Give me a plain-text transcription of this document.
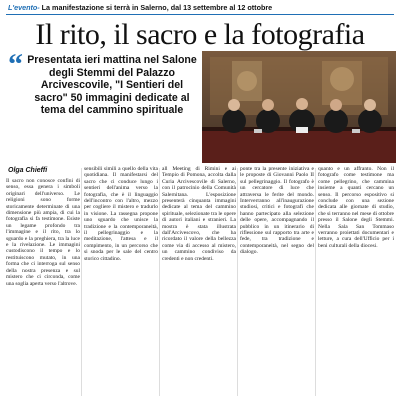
L'evento- La manifestazione si terrà in Salerno, dal 13 settembre al 12 ottobre
Il rito, il sacro e la fotografia
“ Presentata ieri mattina nel Salone degli Stemmi del Palazzo Arcivescovile, "I Sentieri del sacro" 50 immagini dedicate al tema del cammino spirituale
Olga Chieffi
Il sacro non conosce confini di senso, essa genera i simboli originari dell'universo. Le religioni sono forme storicamente determinate di una dimensione più ampia, di cui la fotografia si fa testimone. Esiste un legame profondo tra l'immagine e il rito, tra lo sguardo e la preghiera, tra la luce e la rivelazione. Le immagini custodiscono il tempo e lo restituiscono mutato, in una forma che ci interroga sul senso della nostra presenza e sul mistero che ci circonda, come una soglia aperta verso l'altrove.
sensibili simili a quello della vita quotidiana. Il manifestarsi del sacro che ci conduce lungo i sentieri dell'anima verso la fotografia, che è il linguaggio dell'incontro con l'altro, mezzo per cogliere il mistero e tradurlo in visione. La rassegna propone uno sguardo che unisce la tradizione e la contemporaneità, il pellegrinaggio e la meditazione, l'attesa e il compimento, in un percorso che si snoda per le sale del centro storico cittadino.
all Meeting di Rimini e ai Tempio di Pomona, accolta dalla Curia Arcivescovile di Salerno, con il patrocinio della Comunità Salernitana. L'esposizione presenterà cinquanta immagini dedicate al tema del cammino spirituale, selezionate tra le opere di autori italiani e stranieri. La mostra è stata illustrata dall'Arcivescovo, che ha ricordato il valore della bellezza come via di accesso al mistero, un cammino condiviso da credenti e non credenti.
ponte tra la presente iniziativa e le proposte di Giovanni Paolo II sul pellegrinaggio. Il fotografo è un cercatore di luce che attraversa le ferite del mondo. Interverranno all'inaugurazione studiosi, critici e fotografi che hanno partecipato alla selezione delle opere, accompagnando il pubblico in un itinerario di riflessione sul rapporto tra arte e fede, tra tradizione e contemporaneità, nel segno del dialogo.
quanto e un affranto. Non il fotografo come testimone ma come pellegrino, che cammina insieme a quanti cercano un senso. Il percorso espositivo si conclude con una sezione dedicata alle giornate di studio, che si terranno nel mese di ottobre presso il Salone degli Stemmi. Nella Sala San Tommaso verranno proiettati documentari e letture, a cura dell'Ufficio per i beni culturali della diocesi.
